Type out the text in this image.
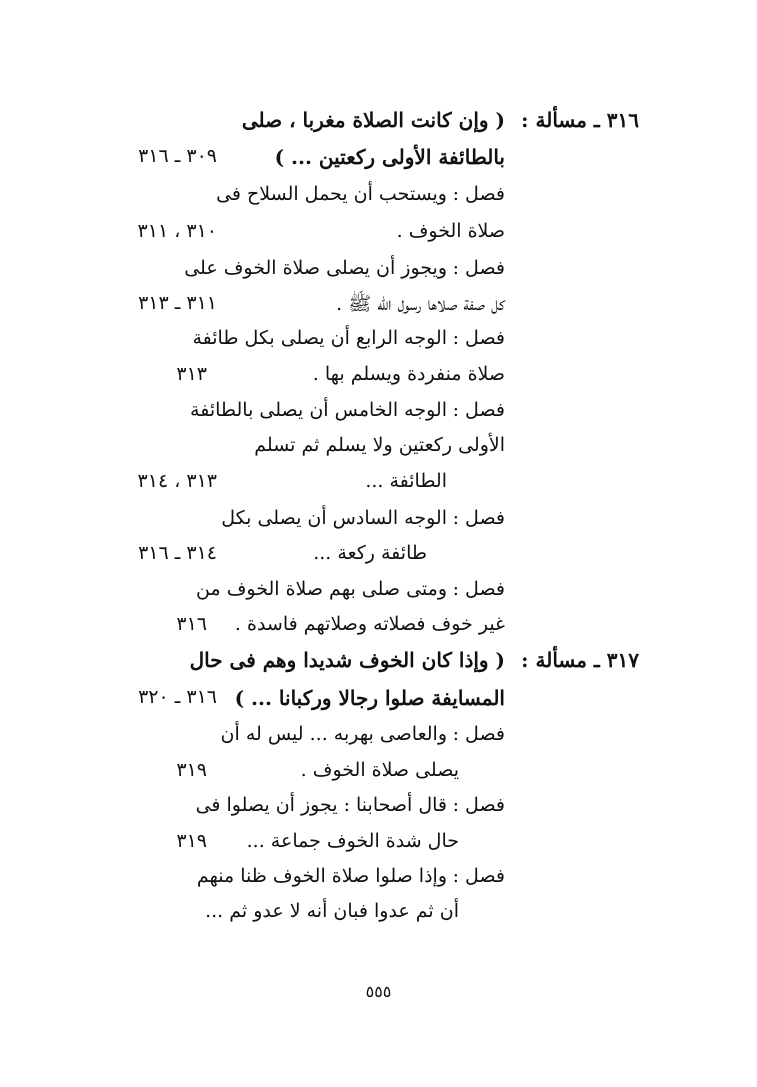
٣١٦ ـ مسألة :
( وإن كانت الصلاة مغربا ، صلى
بالطائفة الأولى ركعتين ... )
٣٠٩ ـ ٣١٦
فصل :
ويستحب أن يحمل السلاح فى
صلاة الخوف .
٣١٠ ، ٣١١
فصل :
ويجوز أن يصلى صلاة الخوف على
كل صفة صلاها رسول الله ﷺ .
٣١١ ـ ٣١٣
فصل :
الوجه الرابع أن يصلى بكل طائفة
صلاة منفردة ويسلم بها .
٣١٣
فصل :
الوجه الخامس أن يصلى بالطائفة
الأولى ركعتين ولا يسلم ثم تسلم
الطائفة ...
٣١٣ ، ٣١٤
فصل :
الوجه السادس أن يصلى بكل
طائفة ركعة ...
٣١٤ ـ ٣١٦
فصل :
ومتى صلى بهم صلاة الخوف من
غير خوف فصلاته وصلاتهم فاسدة .
٣١٦
٣١٧ ـ مسألة :
( وإذا كان الخوف شديدا وهم فى حال
المسايفة صلوا رجالا وركبانا ... )
٣١٦ ـ ٣٢٠
فصل :
والعاصى بهربه ... ليس له أن
يصلى صلاة الخوف .
٣١٩
فصل :
قال أصحابنا : يجوز أن يصلوا فى
حال شدة الخوف جماعة ...
٣١٩
فصل :
وإذا صلوا صلاة الخوف ظنا منهم
أن ثم عدوا فبان أنه لا عدو ثم ...
٥٥٥
